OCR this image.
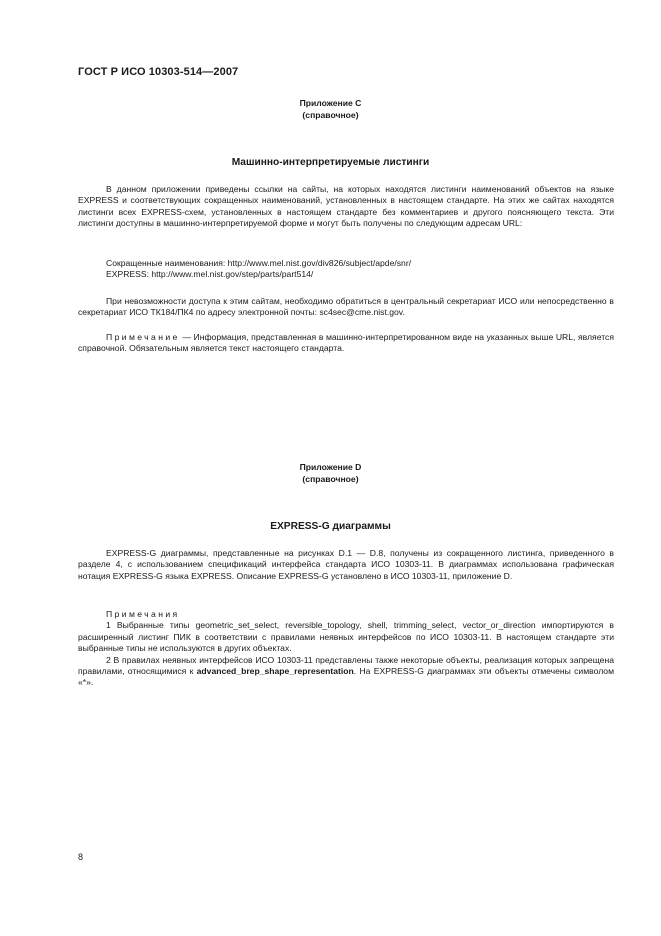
ГОСТ Р ИСО 10303-514—2007
Приложение C
(справочное)
Машинно-интерпретируемые листинги

В данном приложении приведены ссылки на сайты, на которых находятся листинги наименований объектов на языке EXPRESS и соответствующих сокращенных наименований, установленных в настоящем стандарте. На этих же сайтах находятся листинги всех EXPRESS-схем, установленных в настоящем стандарте без комментариев и другого поясняющего текста. Эти листинги доступны в машинно-интерпретируемой форме и могут быть получены по следующим адресам URL:

Сокращенные наименования: http://www.mel.nist.gov/div826/subject/apde/snr/

EXPRESS: http://www.mel.nist.gov/step/parts/part514/

При невозможности доступа к этим сайтам, необходимо обратиться в центральный секретариат ИСО или непосредственно в секретариат ИСО ТК184/ПК4 по адресу электронной почты: sc4sec@cme.nist.gov.

Примечание — Информация, представленная в машинно-интерпретированном виде на указанных выше URL, является справочной. Обязательным является текст настоящего стандарта.

Приложение D
(справочное)
EXPRESS-G диаграммы

EXPRESS-G диаграммы, представленные на рисунках D.1 — D.8, получены из сокращенного листинга, приведенного в разделе 4, с использованием спецификаций интерфейса стандарта ИСО 10303-11. В диаграммах использована графическая нотация EXPRESS-G языка EXPRESS. Описание EXPRESS-G установлено в ИСО 10303-11, приложение D.

Примечания

1 Выбранные типы geometric_set_select, reversible_topology, shell, trimming_select, vector_or_direction импортируются в расширенный листинг ПИК в соответствии с правилами неявных интерфейсов по ИСО 10303-11. В настоящем стандарте эти выбранные типы не используются в других объектах.

2 В правилах неявных интерфейсов ИСО 10303-11 представлены также некоторые объекты, реализация которых запрещена правилами, относящимися к advanced_brep_shape_representation. На EXPRESS-G диаграммах эти объекты отмечены символом «*».

8
